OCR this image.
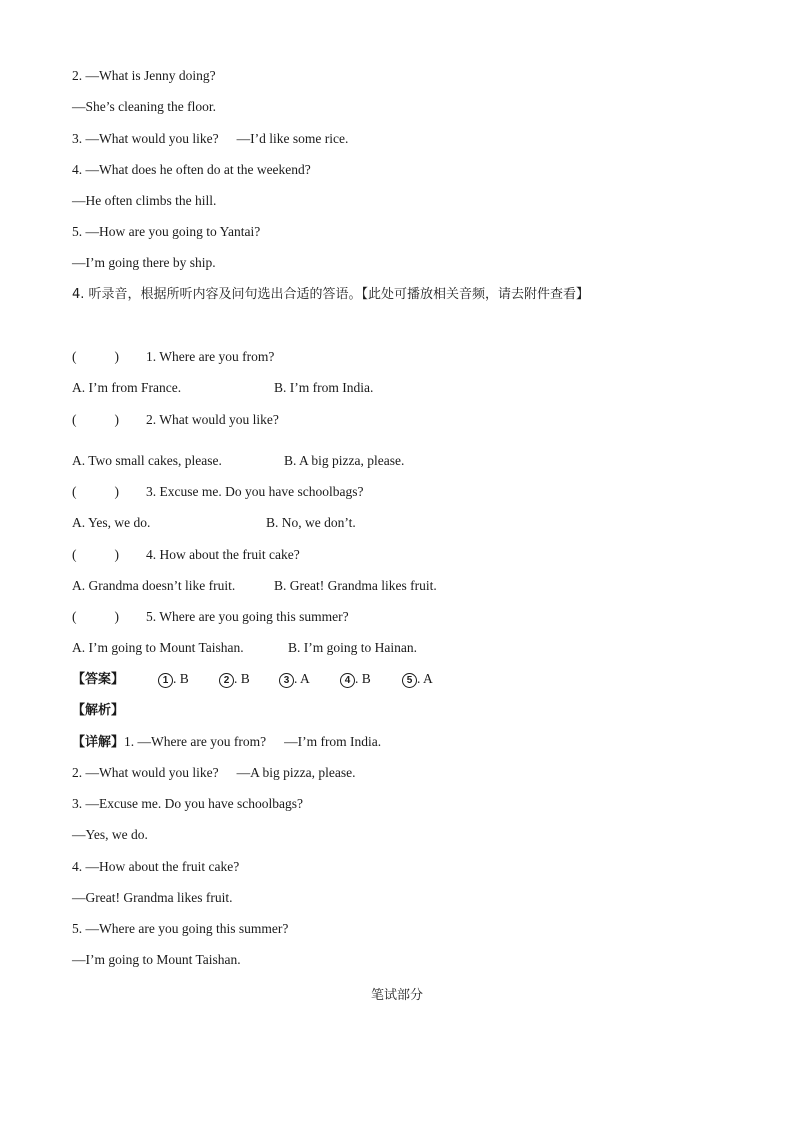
2. —What is Jenny doing?
—She’s cleaning the floor.
3. —What would you like? —I’d like some rice.
4. —What does he often do at the weekend?
—He often climbs the hill.
5. —How are you going to Yantai?
—I’m going there by ship.
4. 听录音，根据所听内容及问句选出合适的答语。【此处可播放相关音频，请去附件查看】
(	) 1. Where are you from?
A. I’m from France.	B. I’m from India.
(	) 2. What would you like?
A. Two small cakes, please.	B. A big pizza, please.
(	) 3. Excuse me. Do you have schoolbags?
A. Yes, we do.	B. No, we don’t.
(	) 4. How about the fruit cake?
A. Grandma doesn’t like fruit.	B. Great! Grandma likes fruit.
(	) 5. Where are you going this summer?
A. I’m going to Mount Taishan.	B. I’m going to Hainan.
【答案】	1 . B	2 . B	3 . A	4 . B	5 . A
【解析】
【详解】1. —Where are you from? —I’m from India.
2. —What would you like? —A big pizza, please.
3. —Excuse me. Do you have schoolbags?
—Yes, we do.
4. —How about the fruit cake?
—Great! Grandma likes fruit.
5. —Where are you going this summer?
—I’m going to Mount Taishan.
笔试部分
